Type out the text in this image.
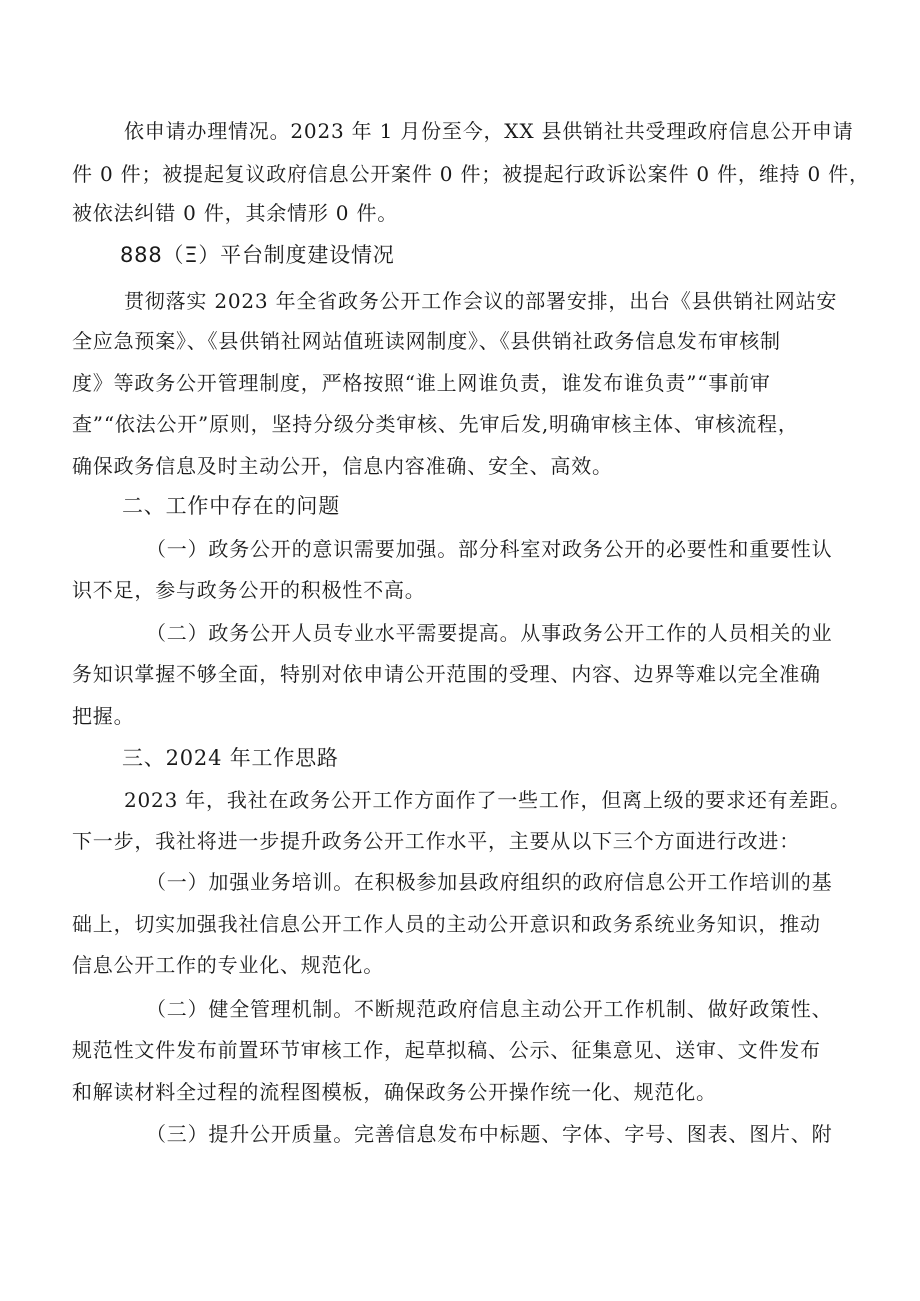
依申请办理情况。2023 年 1 月份至今，XX 县供销社共受理政府信息公开申请
件 0 件；被提起复议政府信息公开案件 0 件；被提起行政诉讼案件 0 件，维持 0 件，
被依法纠错 0 件，其余情形 0 件。
888（Ξ）平台制度建设情况
贯彻落实 2023 年全省政务公开工作会议的部署安排，出台《县供销社网站安
全应急预案》、《县供销社网站值班读网制度》、《县供销社政务信息发布审核制
度》等政务公开管理制度，严格按照“谁上网谁负责，谁发布谁负责”“事前审
查”“依法公开”原则，坚持分级分类审核、先审后发,明确审核主体、审核流程，
确保政务信息及时主动公开，信息内容准确、安全、高效。
二、工作中存在的问题
（一）政务公开的意识需要加强。部分科室对政务公开的必要性和重要性认
识不足，参与政务公开的积极性不高。
（二）政务公开人员专业水平需要提高。从事政务公开工作的人员相关的业
务知识掌握不够全面，特别对依申请公开范围的受理、内容、边界等难以完全准确
把握。
三、2024 年工作思路
2023 年，我社在政务公开工作方面作了一些工作，但离上级的要求还有差距。
下一步，我社将进一步提升政务公开工作水平，主要从以下三个方面进行改进：
（一）加强业务培训。在积极参加县政府组织的政府信息公开工作培训的基
础上，切实加强我社信息公开工作人员的主动公开意识和政务系统业务知识，推动
信息公开工作的专业化、规范化。
（二）健全管理机制。不断规范政府信息主动公开工作机制、做好政策性、
规范性文件发布前置环节审核工作，起草拟稿、公示、征集意见、送审、文件发布
和解读材料全过程的流程图模板，确保政务公开操作统一化、规范化。
（三）提升公开质量。完善信息发布中标题、字体、字号、图表、图片、附
